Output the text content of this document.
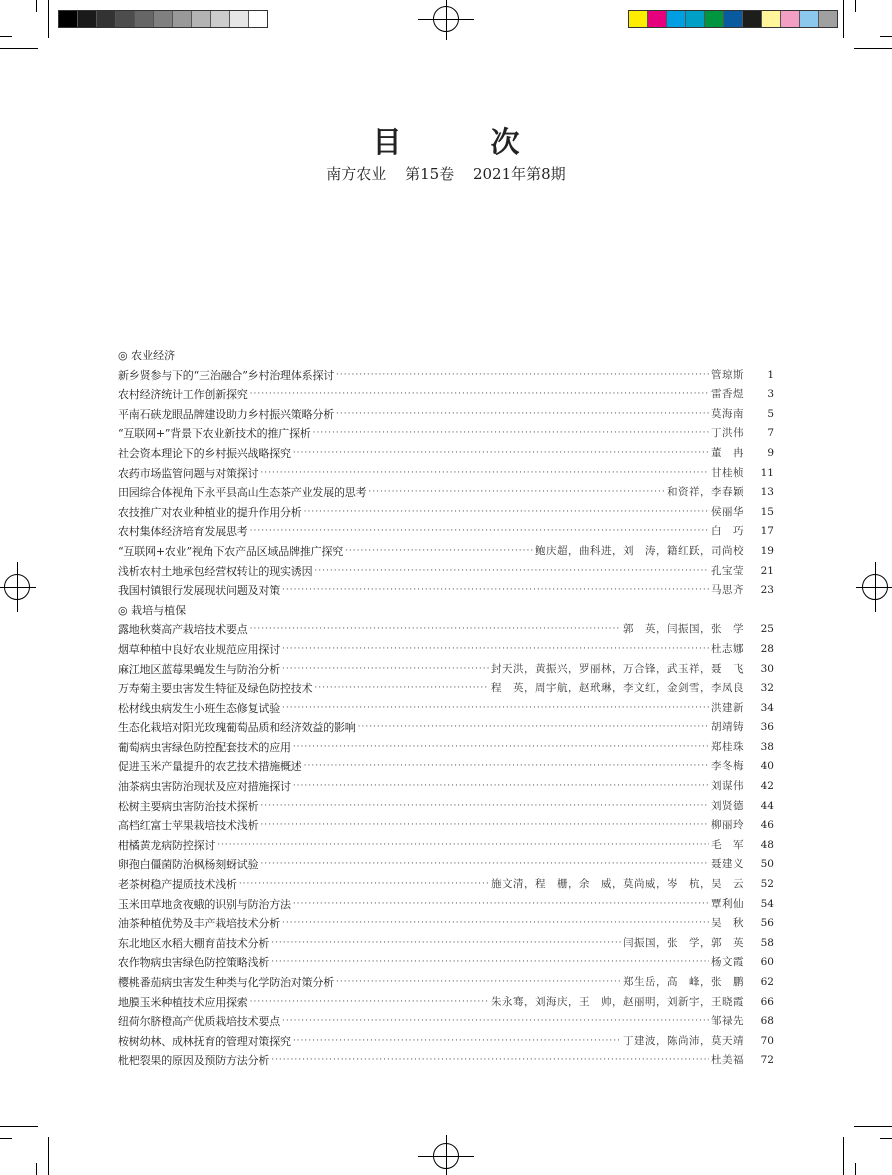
目　次
南方农业 第15卷 2021年第8期
◎ 农业经济
新乡贤参与下的“三治融合”乡村治理体系探讨 ·····	管琼斯	1
农村经济统计工作创新探究 ·····	雷香煜	3
平南石硖龙眼品牌建设助力乡村振兴策略分析 ·····	莫海南	5
“互联网+”背景下农业新技术的推广探析 ·····	丁洪伟	7
社会资本理论下的乡村振兴战略探究 ·····	董　冉	9
农药市场监管问题与对策探讨 ·····	甘桂桢	11
田园综合体视角下永平县高山生态茶产业发展的思考 ·····	和资祥，李春颖	13
农技推广对农业种植业的提升作用分析 ·····	侯丽华	15
农村集体经济培育发展思考 ·····	白　巧	17
“互联网+农业”视角下农产品区域品牌推广探究 ·····	鲍庆超，曲科进，刘　涛，籍红跃，司尚校	19
浅析农村土地承包经营权转让的现实诱因 ·····	孔宝莹	21
我国村镇银行发展现状问题及对策 ·····	马思齐	23
◎ 栽培与植保
露地秋葵高产栽培技术要点 ·····	郭　英，闫振国，张　学	25
烟草种植中良好农业规范应用探讨 ·····	杜志娜	28
麻江地区蓝莓果蝇发生与防治分析 ·····	封天洪，黄振兴，罗丽林，万合锋，武玉祥，聂　飞	30
万寿菊主要虫害发生特征及绿色防控技术 ·····	程　英，周宇航，赵玳琳，李文红，金剑雪，李凤良	32
松材线虫病发生小班生态修复试验 ·····	洪建新	34
生态化栽培对阳光玫瑰葡萄品质和经济效益的影响 ·····	胡靖铸	36
葡萄病虫害绿色防控配套技术的应用 ·····	郑桂珠	38
促进玉米产量提升的农艺技术措施概述 ·····	李冬梅	40
油茶病虫害防治现状及应对措施探讨 ·····	刘谋伟	42
松树主要病虫害防治技术探析 ·····	刘贤德	44
高档红富士苹果栽培技术浅析 ·····	柳丽玲	46
柑橘黄龙病防控探讨 ·····	毛　军	48
卵孢白僵菌防治枫杨刻蚜试验 ·····	聂建义	50
老茶树稳产提质技术浅析 ·····	施文清，程　栅，余　威，莫尚威，岑　杭，吴　云	52
玉米田草地贪夜蛾的识别与防治方法 ·····	覃利仙	54
油茶种植优势及丰产栽培技术分析 ·····	吴　秋	56
东北地区水稻大棚育苗技术分析 ·····	闫振国，张　学，郭　英	58
农作物病虫害绿色防控策略浅析 ·····	杨文霞	60
樱桃番茄病虫害发生种类与化学防治对策分析 ·····	郑生岳，高　峰，张　鹏	62
地膜玉米种植技术应用探索 ·····	朱永骞，刘海庆，王　帅，赵丽明，刘新宇，王晓霞	66
纽荷尔脐橙高产优质栽培技术要点 ·····	邹禄先	68
桉树幼林、成林抚育的管理对策探究 ·····	丁建波，陈尚沛，莫天靖	70
枇杷裂果的原因及预防方法分析 ·····	杜美福	72
